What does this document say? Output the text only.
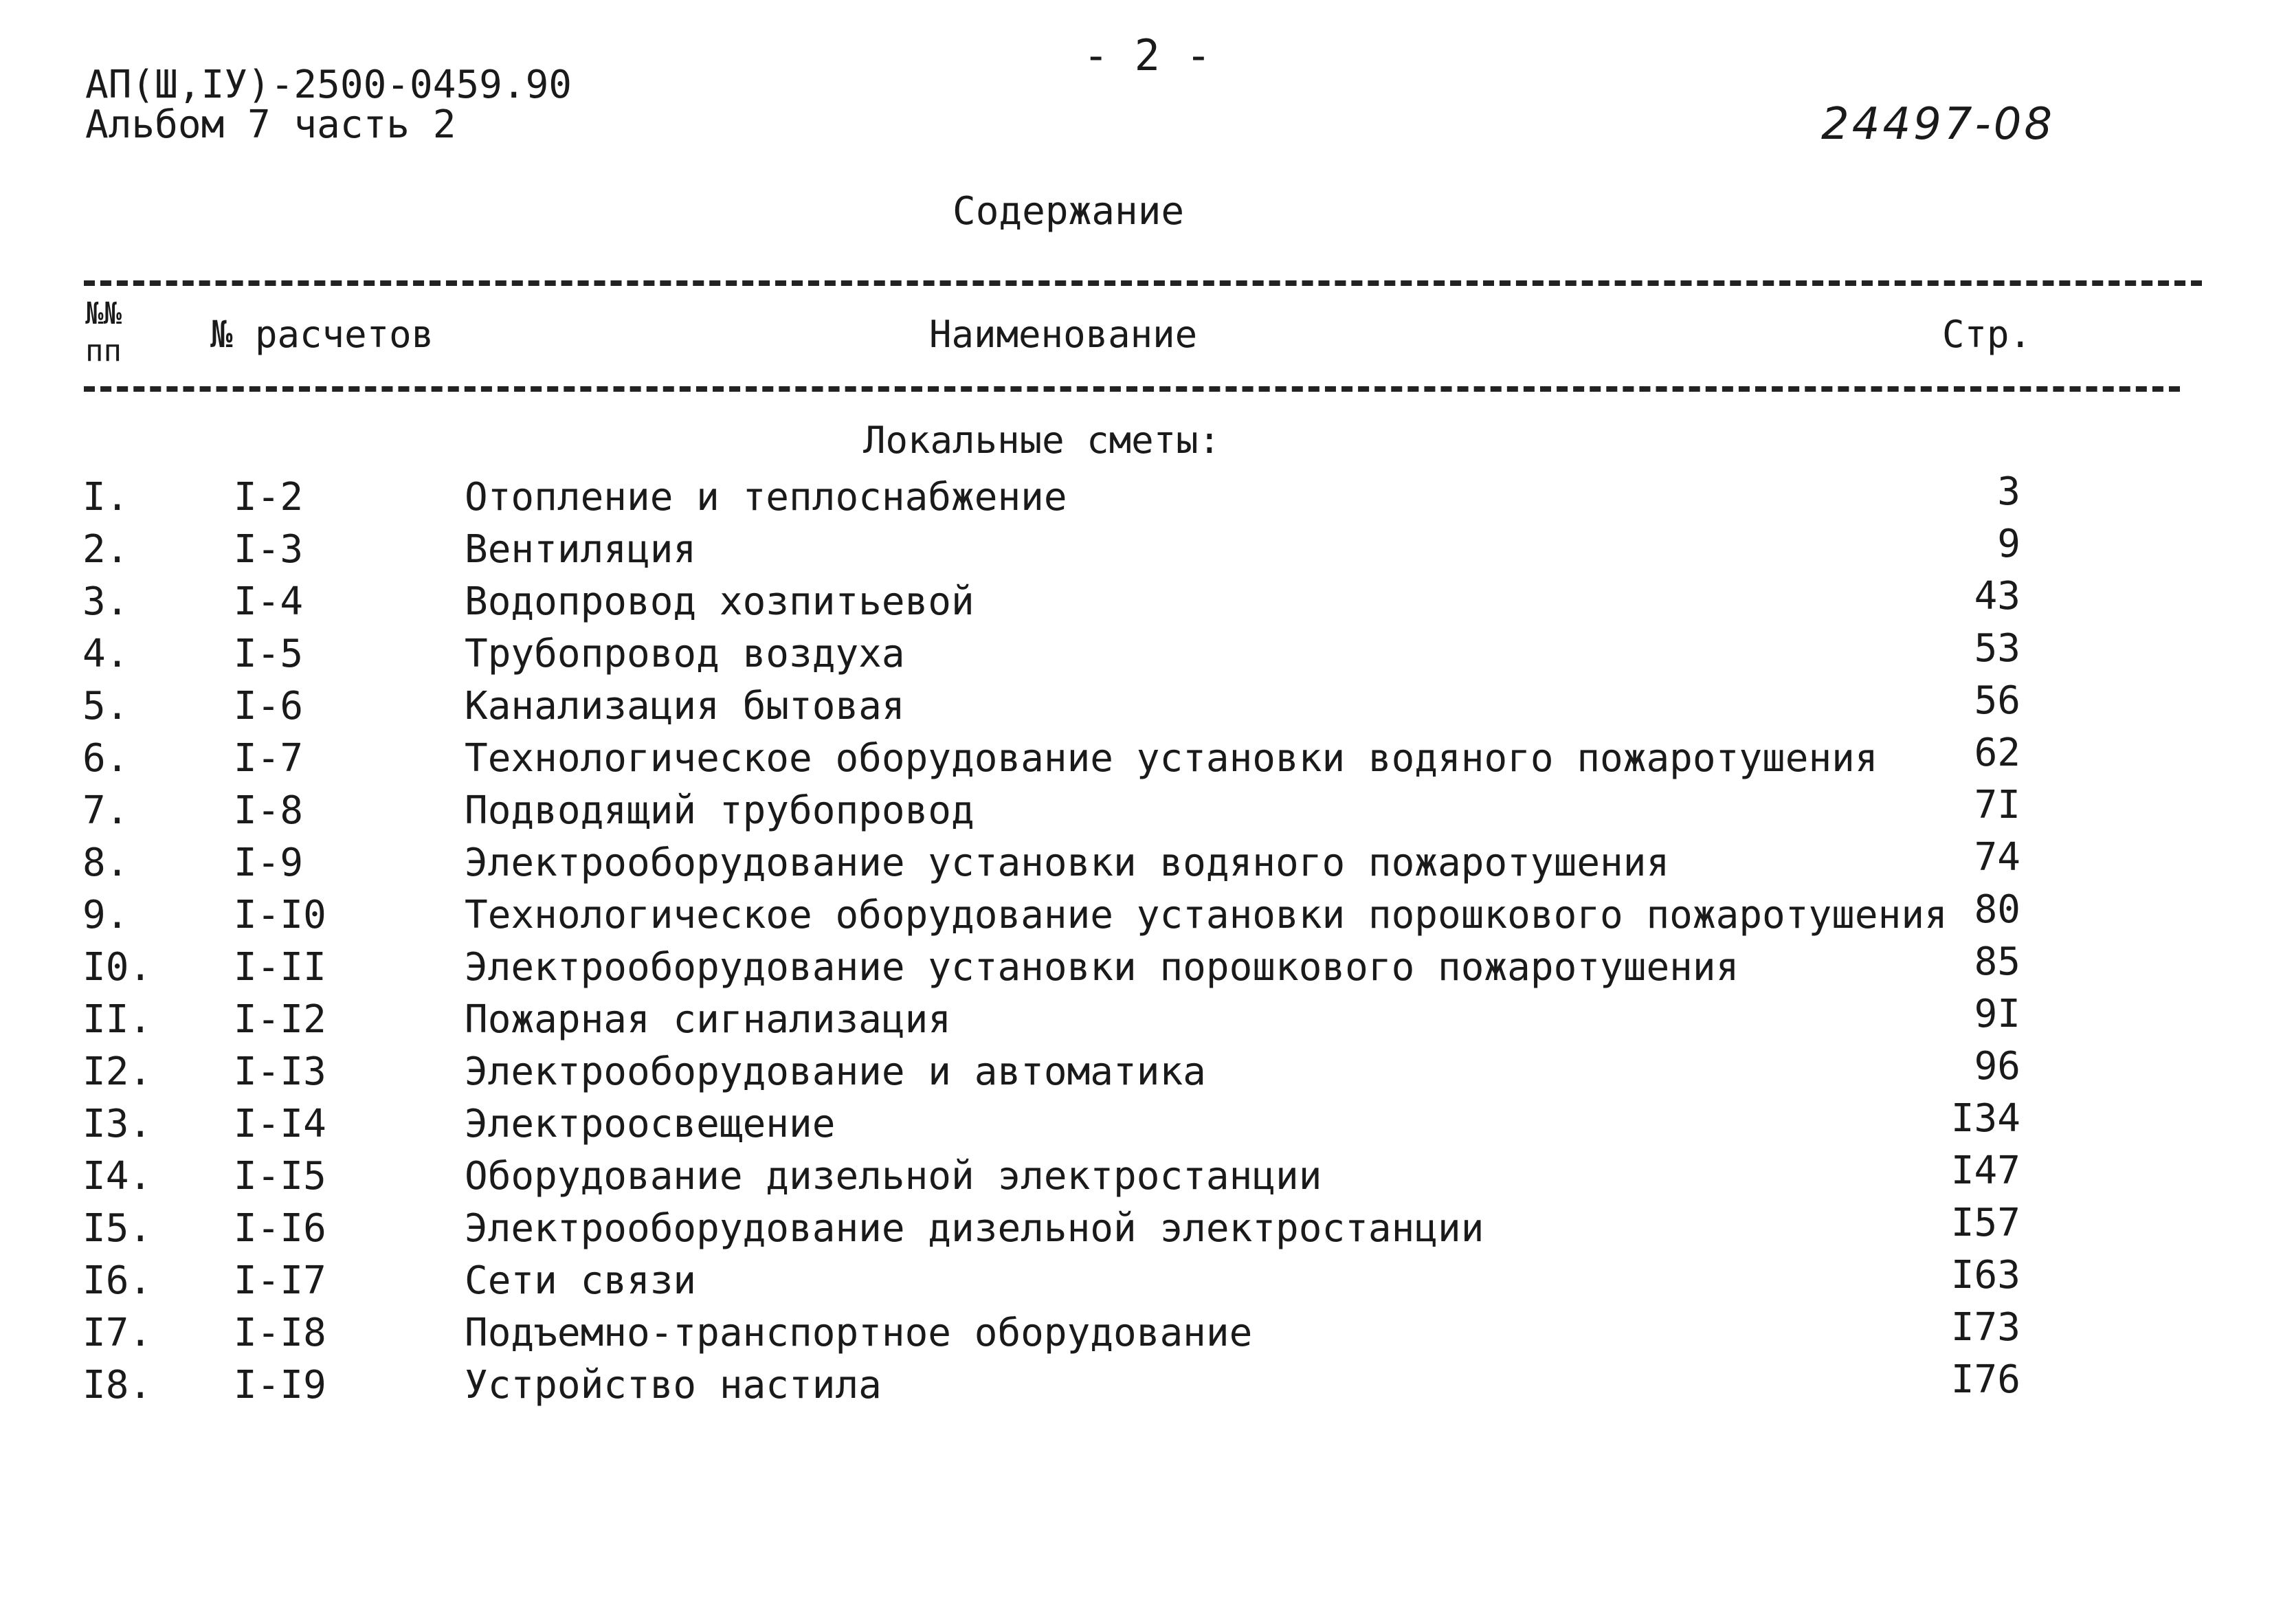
АП(Ш,IУ)-2500-0459.90
Альбом 7 часть 2
- 2 -
24497-08
Содержание
№№
пп № расчетов	Наименование	Стр.
Локальные сметы:
I.	I-2	Отопление и теплоснабжение	3
2.	I-3	Вентиляция	9
3.	I-4	Водопровод хозпитьевой	43
4.	I-5	Трубопровод воздуха	53
5.	I-6	Канализация бытовая	56
6.	I-7	Технологическое оборудование установки водяного пожаротушения	62
7.	I-8	Подводящий трубопровод	7I
8.	I-9	Электрооборудование установки водяного пожаротушения	74
9.	I-I0	Технологическое оборудование установки порошкового пожаротушения 80
I0. I-II	Электрооборудование установки порошкового пожаротушения	85
II. I-I2	Пожарная сигнализация	9I
I2. I-I3	Электрооборудование и автоматика	96
I3. I-I4	Электроосвещение	I34
I4. I-I5	Оборудование дизельной электростанции	I47
I5. I-I6	Электрооборудование дизельной электростанции	I57
I6. I-I7	Сети связи	I63
I7. I-I8	Подъемно-транспортное оборудование	I73
I8. I-I9	Устройство настила	I76
